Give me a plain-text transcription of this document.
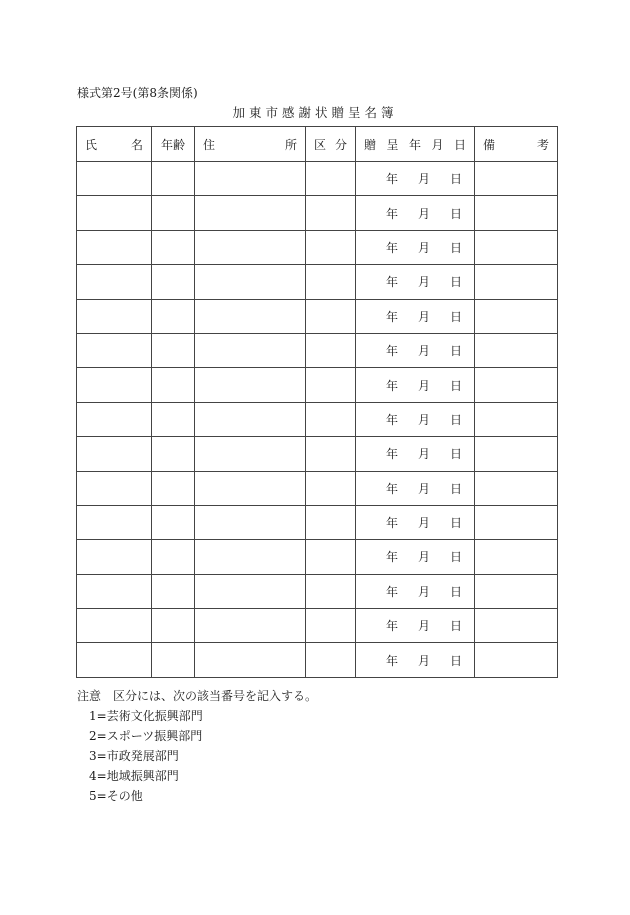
様式第2号(第8条関係)
加東市感謝状贈呈名簿
氏 名	年齢	住 所	区 分	贈 呈 年 月 日	備 考

				年 月 日	

				年 月 日	

				年 月 日	

				年 月 日	

				年 月 日	

				年 月 日	

				年 月 日	

				年 月 日	

				年 月 日	

				年 月 日	

				年 月 日	

				年 月 日	

				年 月 日	

				年 月 日	

				年 月 日	

注意 区分には、次の該当番号を記入する。
1=芸術文化振興部門
2=スポーツ振興部門
3=市政発展部門
4=地域振興部門
5=その他
